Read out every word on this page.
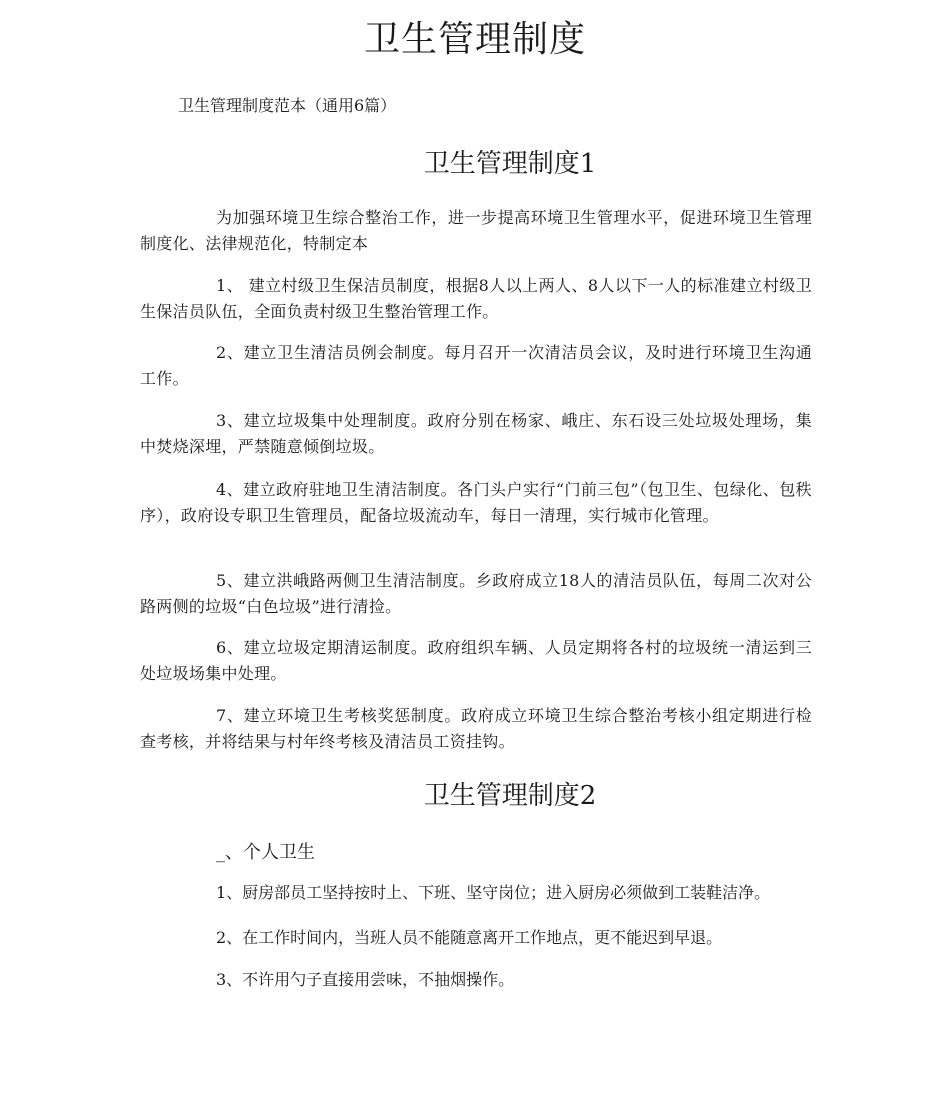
卫生管理制度

卫生管理制度范本（通用6篇）

卫生管理制度1

为加强环境卫生综合整治工作，进一步提高环境卫生管理水平，促进环境卫生管理制度化、法律规范化，特制定本

1、 建立村级卫生保洁员制度，根据8人以上两人、8人以下一人的标准建立村级卫生保洁员队伍，全面负责村级卫生整治管理工作。

2、建立卫生清洁员例会制度。每月召开一次清洁员会议，及时进行环境卫生沟通工作。

3、建立垃圾集中处理制度。政府分别在杨家、峨庄、东石设三处垃圾处理场，集中焚烧深埋，严禁随意倾倒垃圾。

4、建立政府驻地卫生清洁制度。各门头户实行“门前三包”（包卫生、包绿化、包秩序），政府设专职卫生管理员，配备垃圾流动车，每日一清理，实行城市化管理。

5、建立洪峨路两侧卫生清洁制度。乡政府成立18人的清洁员队伍，每周二次对公路两侧的垃圾“白色垃圾”进行清捡。

6、建立垃圾定期清运制度。政府组织车辆、人员定期将各村的垃圾统一清运到三处垃圾场集中处理。

7、建立环境卫生考核奖惩制度。政府成立环境卫生综合整治考核小组定期进行检查考核，并将结果与村年终考核及清洁员工资挂钩。

卫生管理制度2

_、个人卫生

1、厨房部员工坚持按时上、下班、坚守岗位；进入厨房必须做到工装鞋洁净。

2、在工作时间内，当班人员不能随意离开工作地点，更不能迟到早退。

3、不许用勺子直接用尝味，不抽烟操作。
